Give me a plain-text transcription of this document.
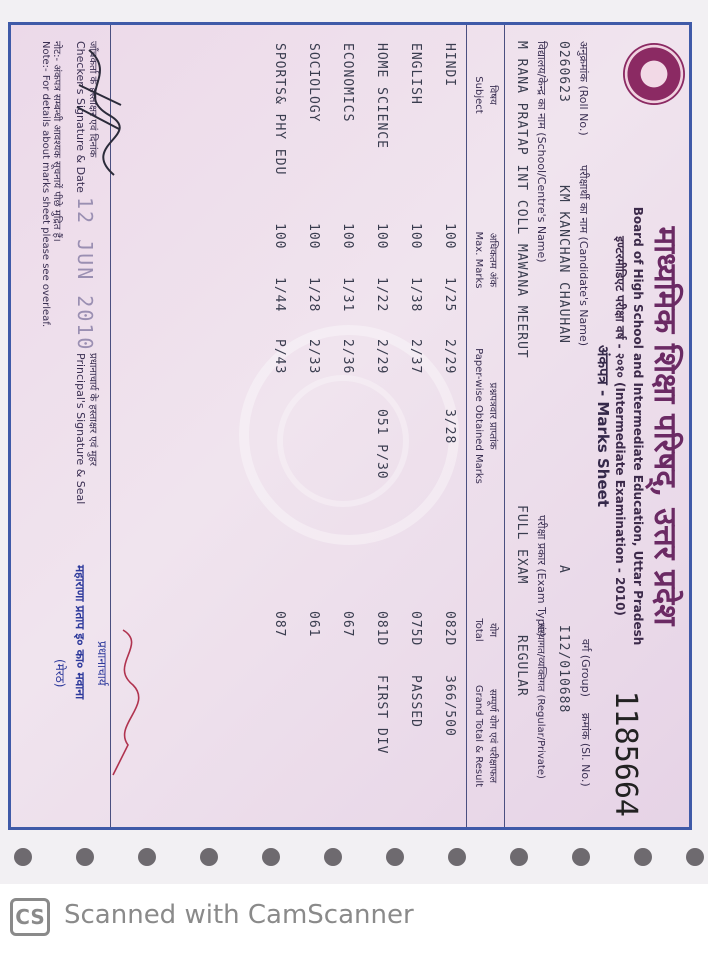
माध्यमिक शिक्षा परिषद्, उत्तर प्रदेश
Board of High School and Intermediate Education, Uttar Pradesh
इण्टरमीडिएट परीक्षा वर्ष - २०१० (Intermediate Examination - 2010)
अंकपत्र - Marks Sheet
1185664
अनुक्रमांक (Roll No.)
परीक्षार्थी का नाम (Candidate's Name)
वर्ग (Group)
क्रमांक (Sl. No.)
0260623
KM KANCHAN CHAUHAN
A
I12/010688
विद्यालय/केन्द्र का नाम (School/Centre's Name)
परीक्षा प्रकार (Exam Type)
संस्थागत/व्यक्तिगत (Regular/Private)
M RANA PRATAP INT COLL MAWANA MEERUT
FULL EXAM
REGULAR
विषय
Subject
अधिकतम अंक
Max. Marks
प्रश्नपत्रवार प्राप्तांक
Paper-wise Obtained Marks
योग
Total
सम्पूर्ण योग एवं परीक्षाफल
Grand Total & Result
HINDI
100
1/25
2/29
3/28
082D
366/500
ENGLISH
100
1/38
2/37
075D
PASSED
HOME SCIENCE
100
1/22
2/29
051 P/30
081D
FIRST DIV
ECONOMICS
100
1/31
2/36
067
SOCIOLOGY
100
1/28
2/33
061
SPORTS& PHY EDU
100
1/44
P/43
087
जाँचकर्ता के हस्ताक्षर एवं दिनांक
Checker's Signature & Date
12 JUN 2010
प्रधानाचार्य के हस्ताक्षर एवं मुहर
Principal's Signature & Seal
नोट:- अंकपत्र सम्बन्धी आवश्यक सूचनायें पीछे मुद्रित हैं।
Note:- For details about marks sheet please see overleaf.
प्रधानाचार्य
महाराणा प्रताप इ० का० मवाना
(मेरठ)
CS Scanned with CamScanner
